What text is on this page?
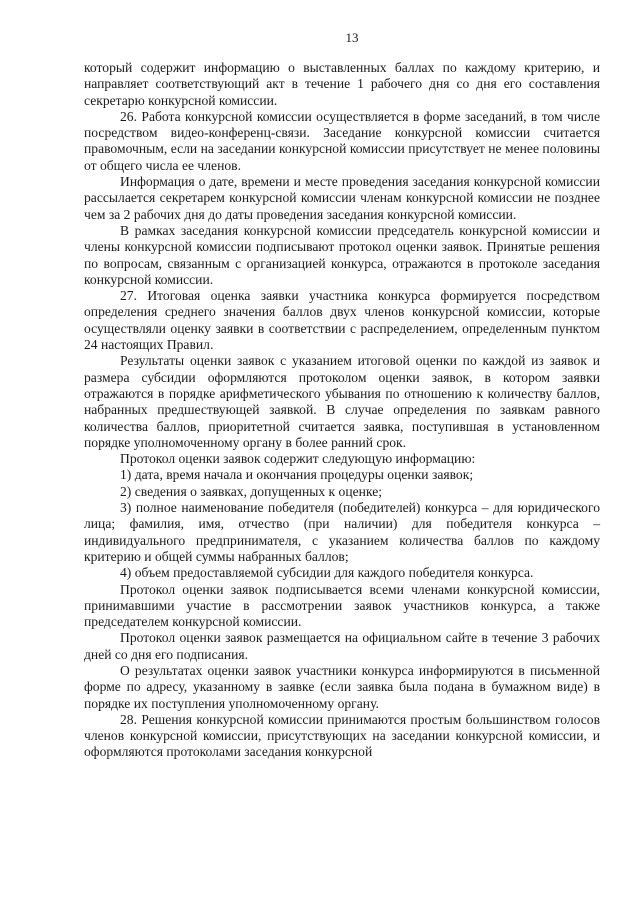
13

который содержит информацию о выставленных баллах по каждому критерию, и направляет соответствующий акт в течение 1 рабочего дня со дня его составления секретарю конкурсной комиссии.

26. Работа конкурсной комиссии осуществляется в форме заседаний, в том числе посредством видео-конференц-связи. Заседание конкурсной комиссии считается правомочным, если на заседании конкурсной комиссии присутствует не менее половины от общего числа ее членов.

Информация о дате, времени и месте проведения заседания конкурсной комиссии рассылается секретарем конкурсной комиссии членам конкурсной комиссии не позднее чем за 2 рабочих дня до даты проведения заседания конкурсной комиссии.

В рамках заседания конкурсной комиссии председатель конкурсной комиссии и члены конкурсной комиссии подписывают протокол оценки заявок. Принятые решения по вопросам, связанным с организацией конкурса, отражаются в протоколе заседания конкурсной комиссии.

27. Итоговая оценка заявки участника конкурса формируется посредством определения среднего значения баллов двух членов конкурсной комиссии, которые осуществляли оценку заявки в соответствии с распределением, определенным пунктом 24 настоящих Правил.

Результаты оценки заявок с указанием итоговой оценки по каждой из заявок и размера субсидии оформляются протоколом оценки заявок, в котором заявки отражаются в порядке арифметического убывания по отношению к количеству баллов, набранных предшествующей заявкой. В случае определения по заявкам равного количества баллов, приоритетной считается заявка, поступившая в установленном порядке уполномоченному органу в более ранний срок.

Протокол оценки заявок содержит следующую информацию:

1) дата, время начала и окончания процедуры оценки заявок;

2) сведения о заявках, допущенных к оценке;

3) полное наименование победителя (победителей) конкурса – для юридического лица; фамилия, имя, отчество (при наличии) для победителя конкурса – индивидуального предпринимателя, с указанием количества баллов по каждому критерию и общей суммы набранных баллов;

4) объем предоставляемой субсидии для каждого победителя конкурса.

Протокол оценки заявок подписывается всеми членами конкурсной комиссии, принимавшими участие в рассмотрении заявок участников конкурса, а также председателем конкурсной комиссии.

Протокол оценки заявок размещается на официальном сайте в течение 3 рабочих дней со дня его подписания.

О результатах оценки заявок участники конкурса информируются в письменной форме по адресу, указанному в заявке (если заявка была подана в бумажном виде) в порядке их поступления уполномоченному органу.

28. Решения конкурсной комиссии принимаются простым большинством голосов членов конкурсной комиссии, присутствующих на заседании конкурсной комиссии, и оформляются протоколами заседания конкурсной
